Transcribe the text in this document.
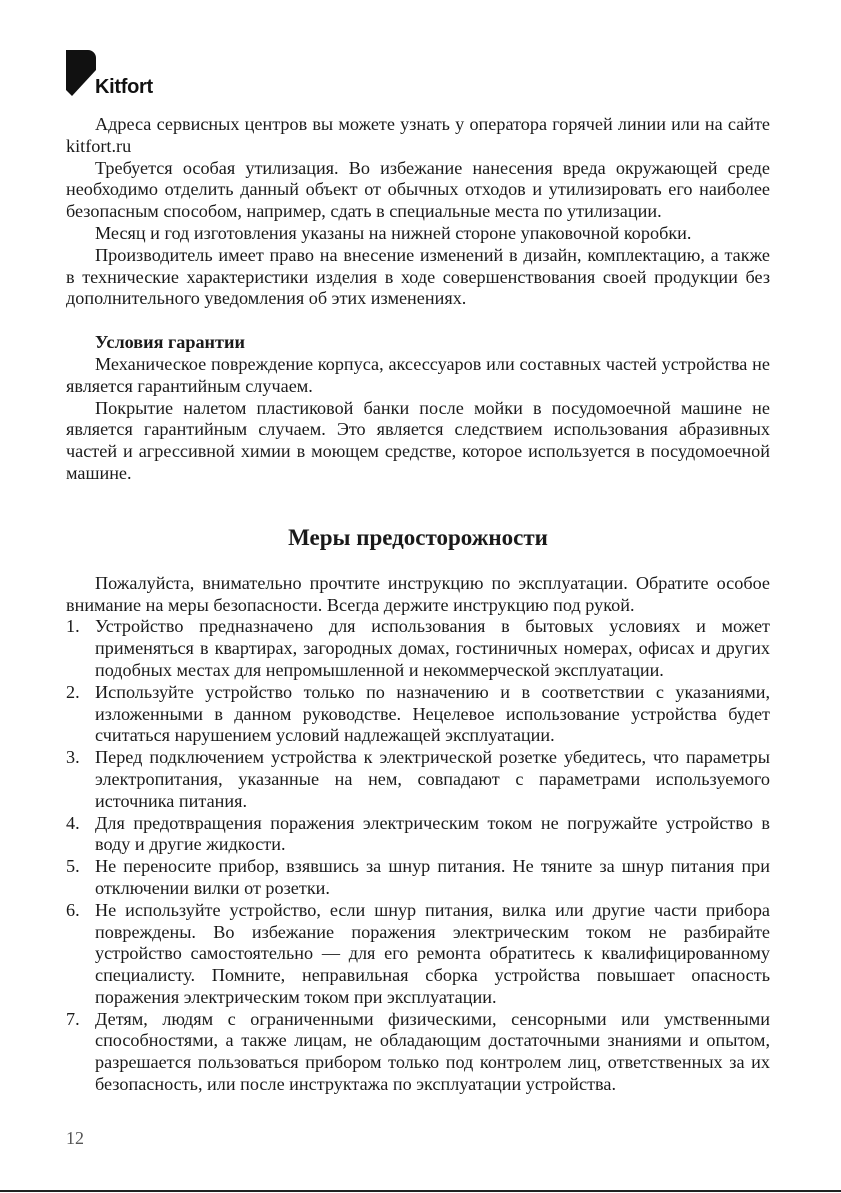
Kitfort

Адреса сервисных центров вы можете узнать у оператора горячей линии или на сайте kitfort.ru

Требуется особая утилизация. Во избежание нанесения вреда окружающей среде необходимо отделить данный объект от обычных отходов и утилизировать его наиболее безопасным способом, например, сдать в специальные места по утилизации.

Месяц и год изготовления указаны на нижней стороне упаковочной коробки.

Производитель имеет право на внесение изменений в дизайн, комплектацию, а также в технические характеристики изделия в ходе совершенствования своей продукции без дополнительного уведомления об этих изменениях.

Условия гарантии

Механическое повреждение корпуса, аксессуаров или составных частей устройства не является гарантийным случаем.

Покрытие налетом пластиковой банки после мойки в посудомоечной машине не является гарантийным случаем. Это является следствием использования абразивных частей и агрессивной химии в моющем средстве, которое используется в посудомоечной машине.

Меры предосторожности

Пожалуйста, внимательно прочтите инструкцию по эксплуатации. Обратите особое внимание на меры безопасности. Всегда держите инструкцию под рукой.

1. Устройство предназначено для использования в бытовых условиях и может применяться в квартирах, загородных домах, гостиничных номерах, офисах и других подобных местах для непромышленной и некоммерческой эксплуатации.
2. Используйте устройство только по назначению и в соответствии с указаниями, изложенными в данном руководстве. Нецелевое использование устройства будет считаться нарушением условий надлежащей эксплуатации.
3. Перед подключением устройства к электрической розетке убедитесь, что параметры электропитания, указанные на нем, совпадают с параметрами используемого источника питания.
4. Для предотвращения поражения электрическим током не погружайте устройство в воду и другие жидкости.
5. Не переносите прибор, взявшись за шнур питания. Не тяните за шнур питания при отключении вилки от розетки.
6. Не используйте устройство, если шнур питания, вилка или другие части прибора повреждены. Во избежание поражения электрическим током не разбирайте устройство самостоятельно — для его ремонта обратитесь к квалифицированному специалисту. Помните, неправильная сборка устройства повышает опасность поражения электрическим током при эксплуатации.
7. Детям, людям с ограниченными физическими, сенсорными или умственными способностями, а также лицам, не обладающим достаточными знаниями и опытом, разрешается пользоваться прибором только под контролем лиц, ответственных за их безопасность, или после инструктажа по эксплуатации устройства.
12
